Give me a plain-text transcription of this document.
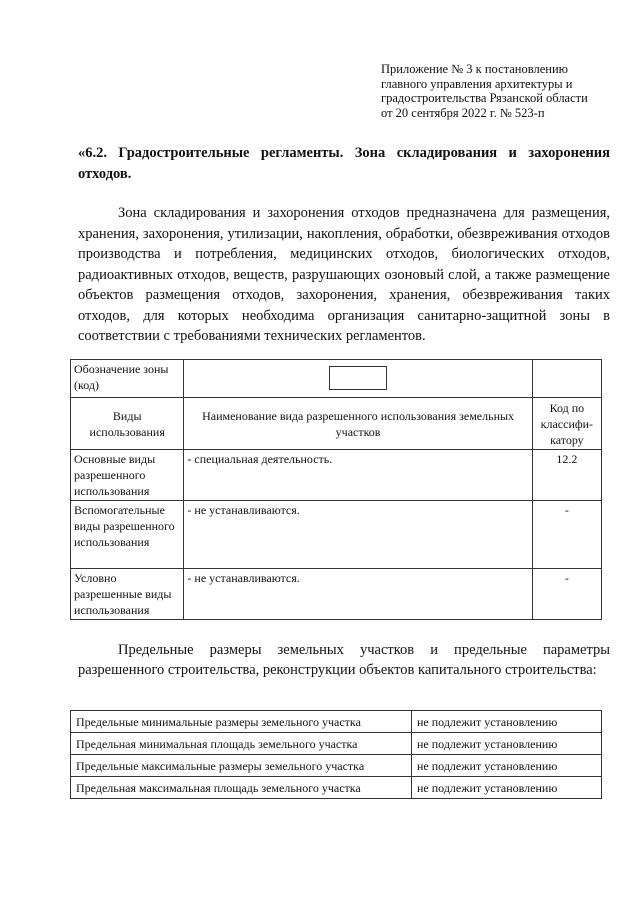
Приложение № 3 к постановлению
главного управления архитектуры и
градостроительства Рязанской области
от 20 сентября 2022 г. № 523-п
«6.2. Градостроительные регламенты. Зона складирования и захоронения отходов.
Зона складирования и захоронения отходов предназначена для размещения, хранения, захоронения, утилизации, накопления, обработки, обезвреживания отходов производства и потребления, медицинских отходов, биологических отходов, радиоактивных отходов, веществ, разрушающих озоновый слой, а также размещение объектов размещения отходов, захоронения, хранения, обезвреживания таких отходов, для которых необходима организация санитарно-защитной зоны в соответствии с требованиями технических регламентов.
Обозначение зоны (код)	

Виды использования	Наименование вида разрешенного использования земельных участков	Код по классифи-катору
Основные виды разрешенного использования	- специальная деятельность.	12.2
Вспомогательные виды разрешенного использования	- не устанавливаются.	-
Условно разрешенные виды использования	- не устанавливаются.	-
Предельные размеры земельных участков и предельные параметры разрешенного строительства, реконструкции объектов капитального строительства:
Предельные минимальные размеры земельного участка	не подлежит установлению
Предельная минимальная площадь земельного участка	не подлежит установлению
Предельные максимальные размеры земельного участка	не подлежит установлению
Предельная максимальная площадь земельного участка	не подлежит установлению
